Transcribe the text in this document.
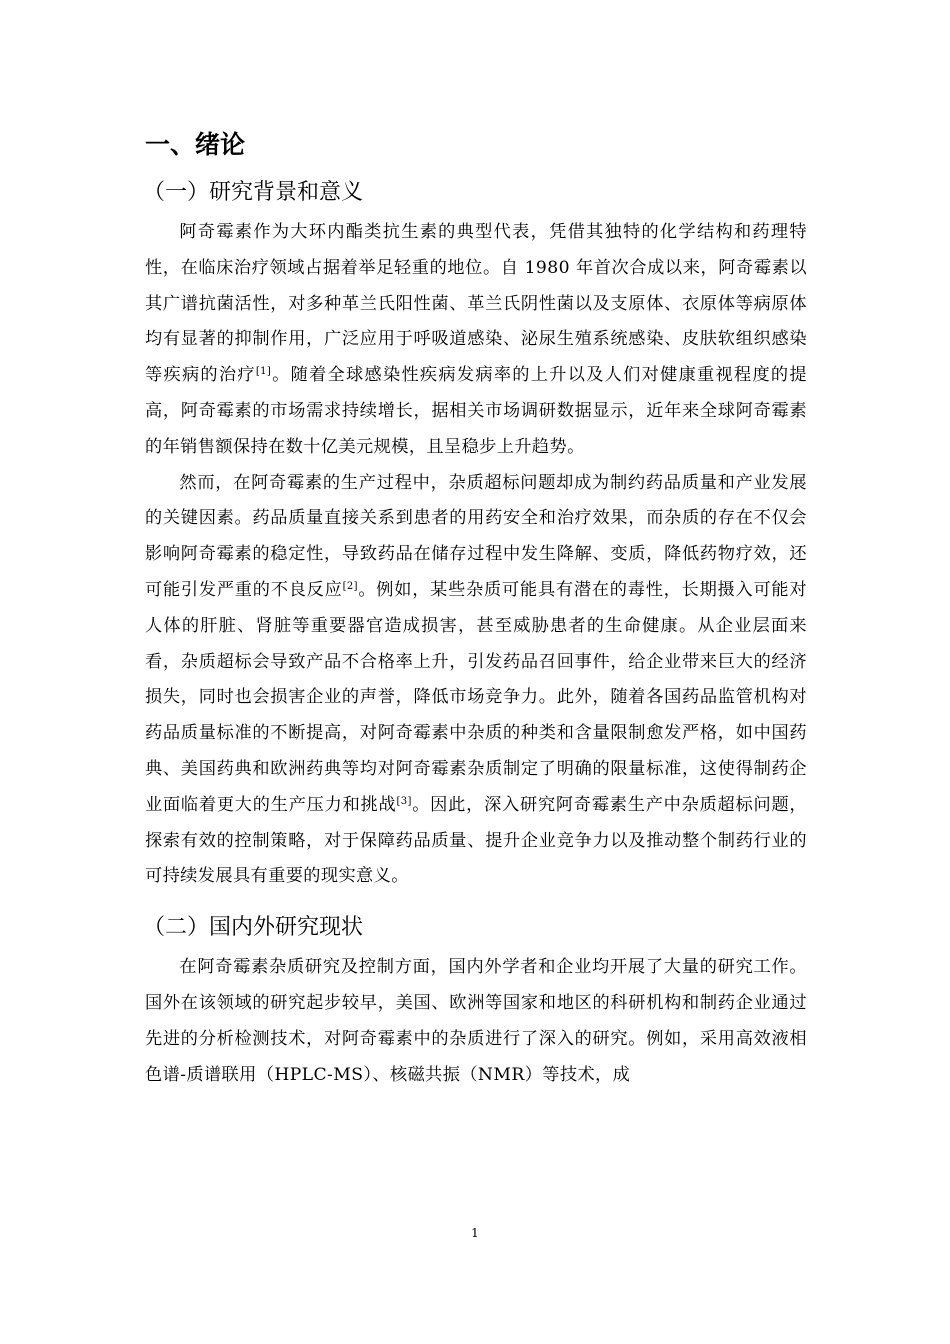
一、绪论
（一）研究背景和意义

阿奇霉素作为大环内酯类抗生素的典型代表，凭借其独特的化学结构和药理特性，在临床治疗领域占据着举足轻重的地位。自 1980 年首次合成以来，阿奇霉素以其广谱抗菌活性，对多种革兰氏阳性菌、革兰氏阴性菌以及支原体、衣原体等病原体均有显著的抑制作用，广泛应用于呼吸道感染、泌尿生殖系统感染、皮肤软组织感染等疾病的治疗[1]。随着全球感染性疾病发病率的上升以及人们对健康重视程度的提高，阿奇霉素的市场需求持续增长，据相关市场调研数据显示，近年来全球阿奇霉素的年销售额保持在数十亿美元规模，且呈稳步上升趋势。

然而，在阿奇霉素的生产过程中，杂质超标问题却成为制约药品质量和产业发展的关键因素。药品质量直接关系到患者的用药安全和治疗效果，而杂质的存在不仅会影响阿奇霉素的稳定性，导致药品在储存过程中发生降解、变质，降低药物疗效，还可能引发严重的不良反应[2]。例如，某些杂质可能具有潜在的毒性，长期摄入可能对人体的肝脏、肾脏等重要器官造成损害，甚至威胁患者的生命健康。从企业层面来看，杂质超标会导致产品不合格率上升，引发药品召回事件，给企业带来巨大的经济损失，同时也会损害企业的声誉，降低市场竞争力。此外，随着各国药品监管机构对药品质量标准的不断提高，对阿奇霉素中杂质的种类和含量限制愈发严格，如中国药典、美国药典和欧洲药典等均对阿奇霉素杂质制定了明确的限量标准，这使得制药企业面临着更大的生产压力和挑战[3]。因此，深入研究阿奇霉素生产中杂质超标问题，探索有效的控制策略，对于保障药品质量、提升企业竞争力以及推动整个制药行业的可持续发展具有重要的现实意义。

（二）国内外研究现状

在阿奇霉素杂质研究及控制方面，国内外学者和企业均开展了大量的研究工作。国外在该领域的研究起步较早，美国、欧洲等国家和地区的科研机构和制药企业通过先进的分析检测技术，对阿奇霉素中的杂质进行了深入的研究。例如，采用高效液相色谱-质谱联用（HPLC-MS）、核磁共振（NMR）等技术，成

1
